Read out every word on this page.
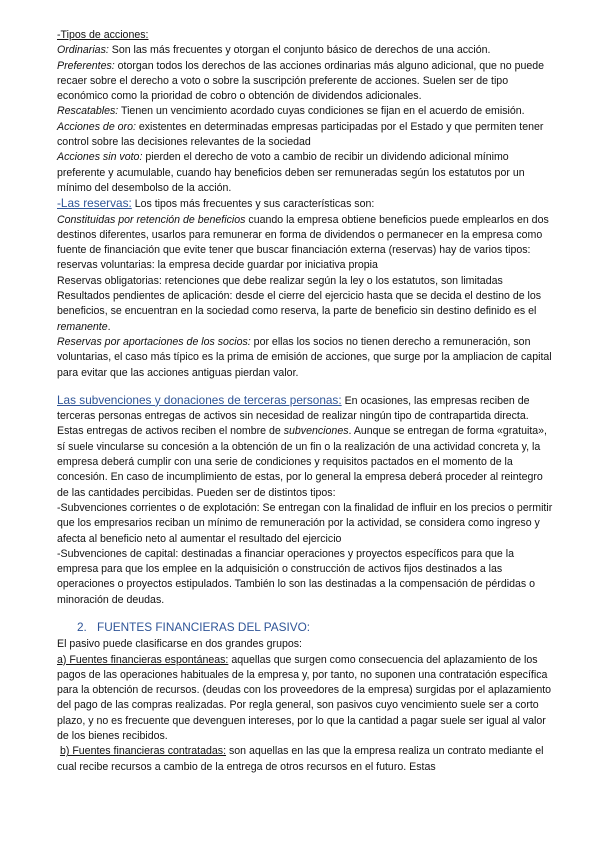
-Tipos de acciones:

Ordinarias: Son las más frecuentes y otorgan el conjunto básico de derechos de una acción.

Preferentes: otorgan todos los derechos de las acciones ordinarias más alguno adicional, que no puede recaer sobre el derecho a voto o sobre la suscripción preferente de acciones. Suelen ser de tipo económico como la prioridad de cobro o obtención de dividendos adicionales.

Rescatables: Tienen un vencimiento acordado cuyas condiciones se fijan en el acuerdo de emisión.

Acciones de oro: existentes en determinadas empresas participadas por el Estado y que permiten tener control sobre las decisiones relevantes de la sociedad

Acciones sin voto: pierden el derecho de voto a cambio de recibir un dividendo adicional mínimo preferente y acumulable, cuando hay beneficios deben ser remuneradas según los estatutos por un mínimo del desembolso de la acción.

-Las reservas: Los tipos más frecuentes y sus características son:

Constituidas por retención de beneficios cuando la empresa obtiene beneficios puede emplearlos en dos destinos diferentes, usarlos para remunerar en forma de dividendos o permanecer en la empresa como fuente de financiación que evite tener que buscar financiación externa (reservas) hay de varios tipos:

reservas voluntarias: la empresa decide guardar por iniciativa propia

Reservas obligatorias: retenciones que debe realizar según la ley o los estatutos, son limitadas

Resultados pendientes de aplicación: desde el cierre del ejercicio hasta que se decida el destino de los beneficios, se encuentran en la sociedad como reserva, la parte de beneficio sin destino definido es el remanente.

Reservas por aportaciones de los socios: por ellas los socios no tienen derecho a remuneración, son voluntarias, el caso más típico es la prima de emisión de acciones, que surge por la ampliacion de capital para evitar que las acciones antiguas pierdan valor.

Las subvenciones y donaciones de terceras personas: En ocasiones, las empresas reciben de terceras personas entregas de activos sin necesidad de realizar ningún tipo de contrapartida directa. Estas entregas de activos reciben el nombre de subvenciones. Aunque se entregan de forma «gratuita», sí suele vincularse su concesión a la obtención de un fin o la realización de una actividad concreta y, la empresa deberá cumplir con una serie de condiciones y requisitos pactados en el momento de la concesión. En caso de incumplimiento de estas, por lo general la empresa deberá proceder al reintegro de las cantidades percibidas. Pueden ser de distintos tipos:

-Subvenciones corrientes o de explotación: Se entregan con la finalidad de influir en los precios o permitir que los empresarios reciban un mínimo de remuneración por la actividad, se considera como ingreso y afecta al beneficio neto al aumentar el resultado del ejercicio

-Subvenciones de capital: destinadas a financiar operaciones y proyectos específicos para que la empresa para que los emplee en la adquisición o construcción de activos fijos destinados a las operaciones o proyectos estipulados. También lo son las destinadas a la compensación de pérdidas o minoración de deudas.

2. FUENTES FINANCIERAS DEL PASIVO:

El pasivo puede clasificarse en dos grandes grupos:

a) Fuentes financieras espontáneas: aquellas que surgen como consecuencia del aplazamiento de los pagos de las operaciones habituales de la empresa y, por tanto, no suponen una contratación específica para la obtención de recursos. (deudas con los proveedores de la empresa) surgidas por el aplazamiento del pago de las compras realizadas. Por regla general, son pasivos cuyo vencimiento suele ser a corto plazo, y no es frecuente que devenguen intereses, por lo que la cantidad a pagar suele ser igual al valor de los bienes recibidos.

b) Fuentes financieras contratadas: son aquellas en las que la empresa realiza un contrato mediante el cual recibe recursos a cambio de la entrega de otros recursos en el futuro. Estas
